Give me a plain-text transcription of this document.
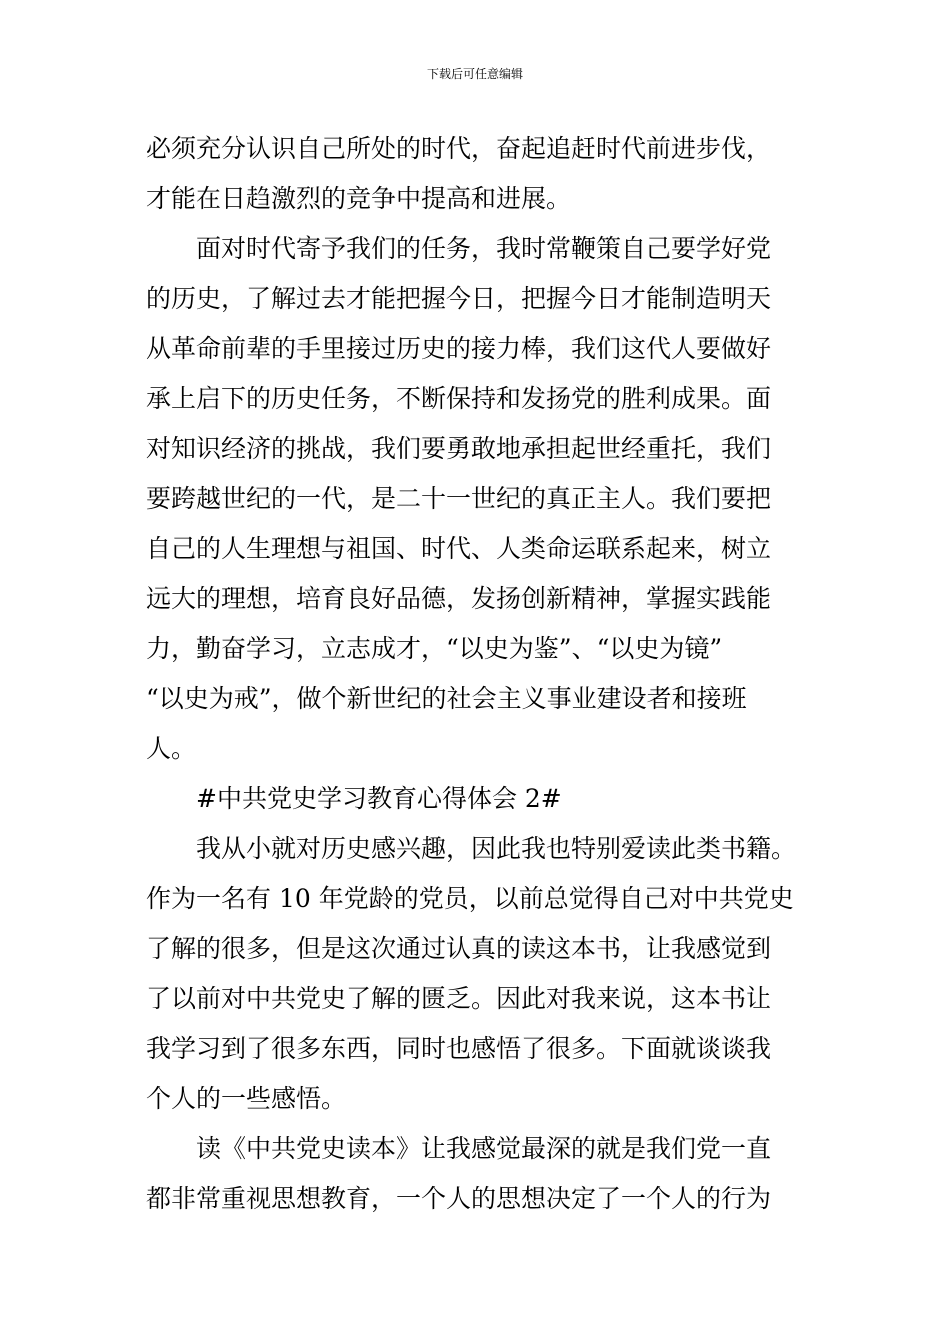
下载后可任意编辑
必须充分认识自己所处的时代，奋起追赶时代前进步伐，
才能在日趋激烈的竞争中提高和进展。
面对时代寄予我们的任务，我时常鞭策自己要学好党
的历史，了解过去才能把握今日，把握今日才能制造明天
从革命前辈的手里接过历史的接力棒，我们这代人要做好
承上启下的历史任务，不断保持和发扬党的胜利成果。面
对知识经济的挑战，我们要勇敢地承担起世经重托，我们
要跨越世纪的一代，是二十一世纪的真正主人。我们要把
自己的人生理想与祖国、时代、人类命运联系起来，树立
远大的理想，培育良好品德，发扬创新精神，掌握实践能
力，勤奋学习，立志成才，“以史为鉴”、“以史为镜”
“以史为戒”，做个新世纪的社会主义事业建设者和接班
人。
#中共党史学习教育心得体会 2#
我从小就对历史感兴趣，因此我也特别爱读此类书籍。
作为一名有 10 年党龄的党员，以前总觉得自己对中共党史
了解的很多，但是这次通过认真的读这本书，让我感觉到
了以前对中共党史了解的匮乏。因此对我来说，这本书让
我学习到了很多东西，同时也感悟了很多。下面就谈谈我
个人的一些感悟。
读《中共党史读本》让我感觉最深的就是我们党一直
都非常重视思想教育，一个人的思想决定了一个人的行为
